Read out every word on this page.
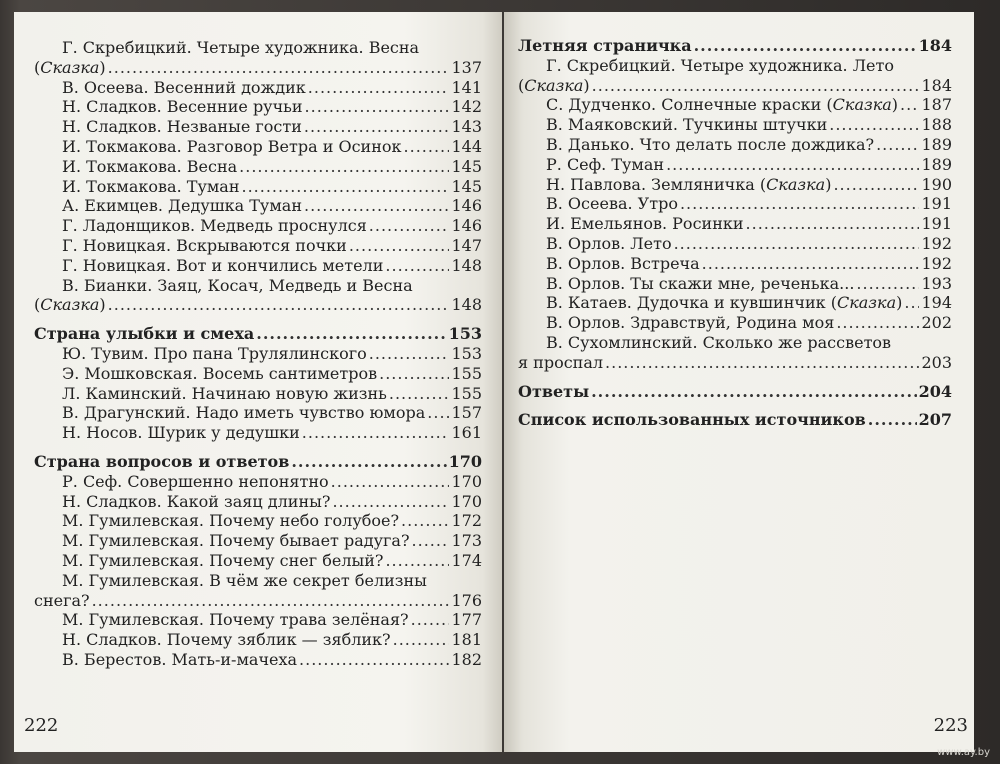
Г. Скребицкий. Четыре художника. Весна
(Сказка) .....	137
В. Осеева. Весенний дождик .....	141
Н. Сладков. Весенние ручьи .....	142
Н. Сладков. Незваные гости .....	143
И. Токмакова. Разговор Ветра и Осинок .....	144
И. Токмакова. Весна .....	145
И. Токмакова. Туман .....	145
А. Екимцев. Дедушка Туман .....	146
Г. Ладонщиков. Медведь проснулся .....	146
Г. Новицкая. Вскрываются почки .....	147
Г. Новицкая. Вот и кончились метели .....	148
В. Бианки. Заяц, Косач, Медведь и Весна
(Сказка) .....	148
Страна улыбки и смеха .....	153
Ю. Тувим. Про пана Трулялинского .....	153
Э. Мошковская. Восемь сантиметров .....	155
Л. Каминский. Начинаю новую жизнь .....	155
В. Драгунский. Надо иметь чувство юмора ..... 157
Н. Носов. Шурик у дедушки .....	161
Страна вопросов и ответов .....	170
Р. Сеф. Совершенно непонятно .....	170
Н. Сладков. Какой заяц длины? .....	170
М. Гумилевская. Почему небо голубое? .....	172
М. Гумилевская. Почему бывает радуга? .....	173
М. Гумилевская. Почему снег белый? .....	174
М. Гумилевская. В чём же секрет белизны
снега? .....	176
М. Гумилевская. Почему трава зелёная? .....	177
Н. Сладков. Почему зяблик — зяблик? .....	181
В. Берестов. Мать-и-мачеха .....	182
222
Летняя страничка .....	184
Г. Скребицкий. Четыре художника. Лето
(Сказка) .....	184
С. Дудченко. Солнечные краски (Сказка) ..... 187
В. Маяковский. Тучкины штучки .....	188
В. Данько. Что делать после дождика? .....	189
Р. Сеф. Туман .....	189
Н. Павлова. Земляничка (Сказка) .....	190
В. Осеева. Утро .....	191
И. Емельянов. Росинки .....	191
В. Орлов. Лето .....	192
В. Орлов. Встреча .....	192
В. Орлов. Ты скажи мне, реченька... .....	193
В. Катаев. Дудочка и кувшинчик (Сказка) ..... 194
В. Орлов. Здравствуй, Родина моя .....	202
В. Сухомлинский. Сколько же рассветов
я проспал .....	203
Ответы .....	204
Список использованных источников .....	207
223
www.ay.by
